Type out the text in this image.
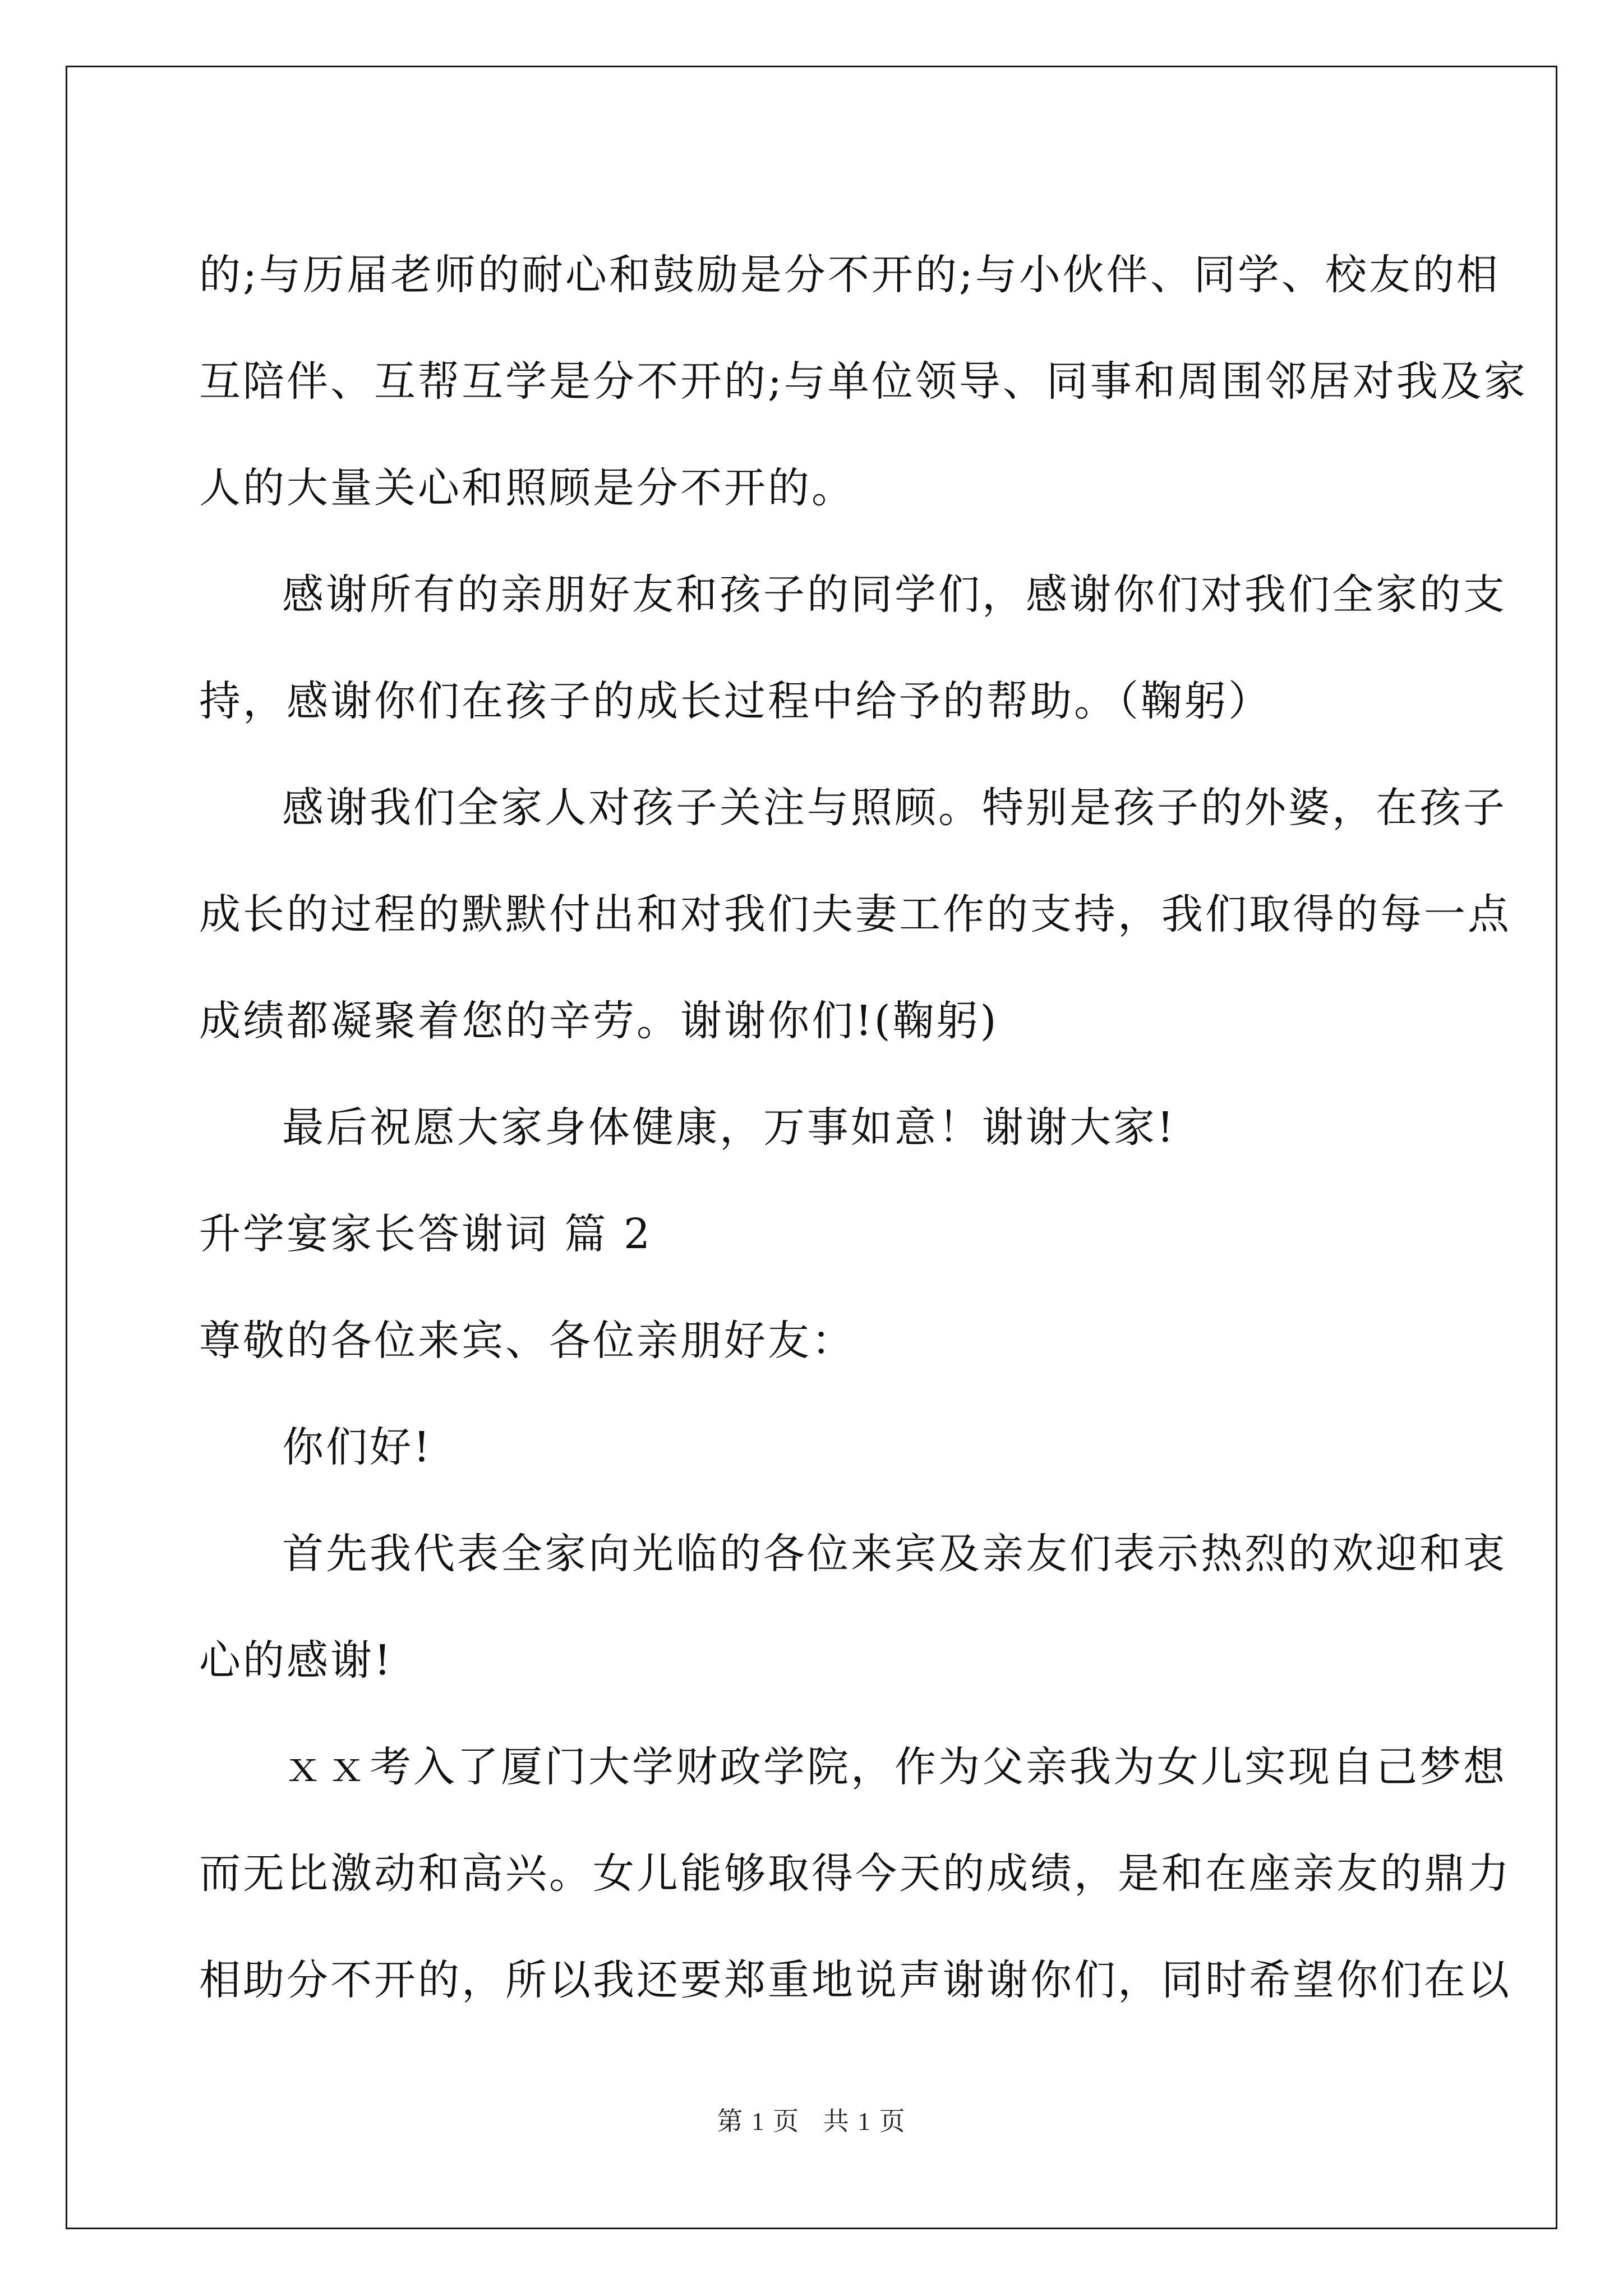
的;与历届老师的耐心和鼓励是分不开的;与小伙伴、同学、校友的相
互陪伴、互帮互学是分不开的;与单位领导、同事和周围邻居对我及家
人的大量关心和照顾是分不开的。
感谢所有的亲朋好友和孩子的同学们，感谢你们对我们全家的支
持，感谢你们在孩子的成长过程中给予的帮助。（鞠躬）
感谢我们全家人对孩子关注与照顾。特别是孩子的外婆，在孩子
成长的过程的默默付出和对我们夫妻工作的支持，我们取得的每一点
成绩都凝聚着您的辛劳。谢谢你们!(鞠躬)
最后祝愿大家身体健康，万事如意！谢谢大家!
升学宴家长答谢词 篇 2
尊敬的各位来宾、各位亲朋好友：
你们好!
首先我代表全家向光临的各位来宾及亲友们表示热烈的欢迎和衷
心的感谢!
ｘｘ考入了厦门大学财政学院，作为父亲我为女儿实现自己梦想
而无比激动和高兴。女儿能够取得今天的成绩，是和在座亲友的鼎力
相助分不开的，所以我还要郑重地说声谢谢你们，同时希望你们在以
第 1 页 共 1 页
